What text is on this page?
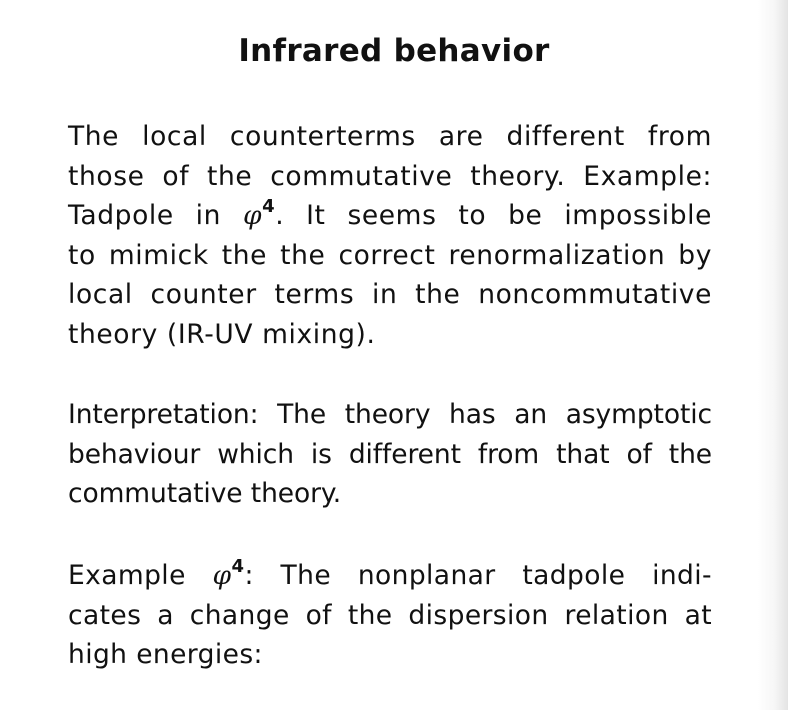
Infrared behavior
The local counterterms are different from
those of the commutative theory. Example:
Tadpole in $\varphi^4$. It seems to be impossible
to mimick the the correct renormalization by
local counter terms in the noncommutative
theory (IR-UV mixing).
Interpretation: The theory has an asymptotic
behaviour which is different from that of the
commutative theory.
Example $\varphi^4$: The nonplanar tadpole indi-
cates a change of the dispersion relation at
high energies:
